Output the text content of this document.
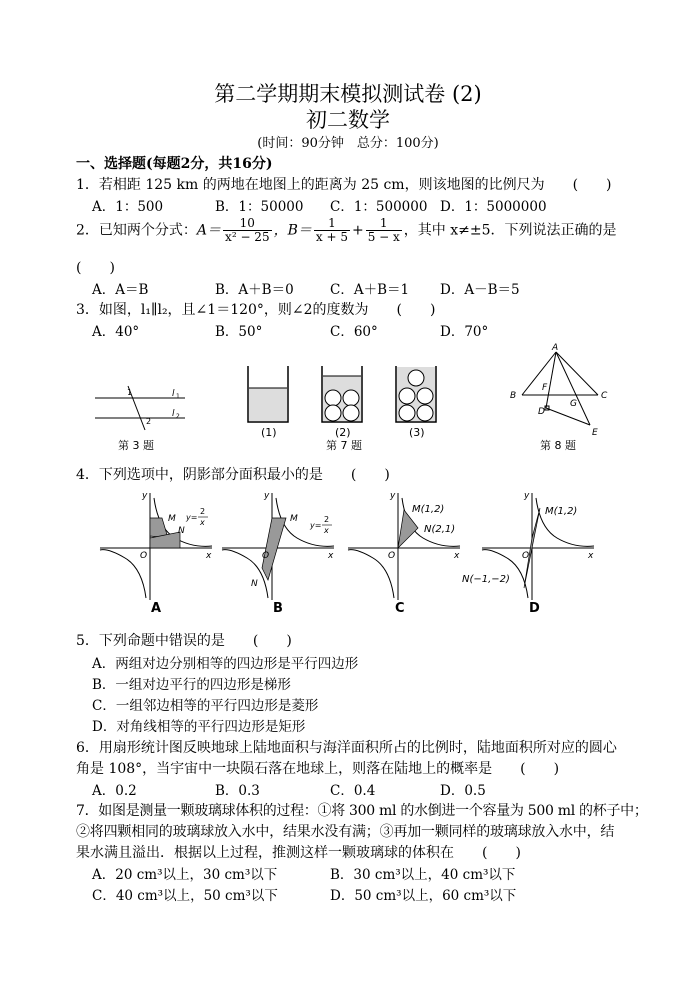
第二学期期末模拟测试卷 (2)
初二数学
(时间：90分钟　总分：100分)
一、选择题(每题2分，共16分)
1．若相距 125 km 的两地在地图上的距离为 25 cm，则该地图的比例尺为　　(　　)
A．1：500	B．1：50000 C．1：500000 D．1：5000000
2．已知两个分式：$A= \frac{10}{\text{x² − 25}}$ ，$B= \frac{1}{x + 5} + \frac{1}{5 - x}$ ，其中 x≠±5．下列说法正确的是
(　　)
A．A＝B	B．A＋B＝0	C．A＋B＝1 D．A－B＝5
3．如图，l₁∥l₂，且∠1＝120°，则∠2的度数为　　(　　)
A．40°	B．50°	C．60°	D．70°
1
2
l 1
l 2
第 3 题
(1)	(2)	(3)
第 7 题
A
B	C
D
E
F
G
第 8 题
4．下列选项中，阴影部分面积最小的是　　(　　)
y
O	x
M
N
y=
2
x
y
O	x
M
N
y=
2
x
y
O	x
M(1,2)
N(2,1)
y
O	x
M(1,2)
N(−1,−2)
A	B	C	D
5．下列命题中错误的是　　(　　)
A．两组对边分别相等的四边形是平行四边形
B．一组对边平行的四边形是梯形
C．一组邻边相等的平行四边形是菱形
D．对角线相等的平行四边形是矩形
6．用扇形统计图反映地球上陆地面积与海洋面积所占的比例时，陆地面积所对应的圆心
角是 108°，当宇宙中一块陨石落在地球上，则落在陆地上的概率是　　(　　)
A．0.2	B．0.3	C．0.4	D．0.5
7．如图是测量一颗玻璃球体积的过程：①将 300 ml 的水倒进一个容量为 500 ml 的杯子中；
②将四颗相同的玻璃球放入水中，结果水没有满；③再加一颗同样的玻璃球放入水中，结
果水满且溢出．根据以上过程，推测这样一颗玻璃球的体积在　　(　　)
A．20 cm³以上，30 cm³以下	B．30 cm³以上，40 cm³以下
C．40 cm³以上，50 cm³以下	D．50 cm³以上，60 cm³以下
